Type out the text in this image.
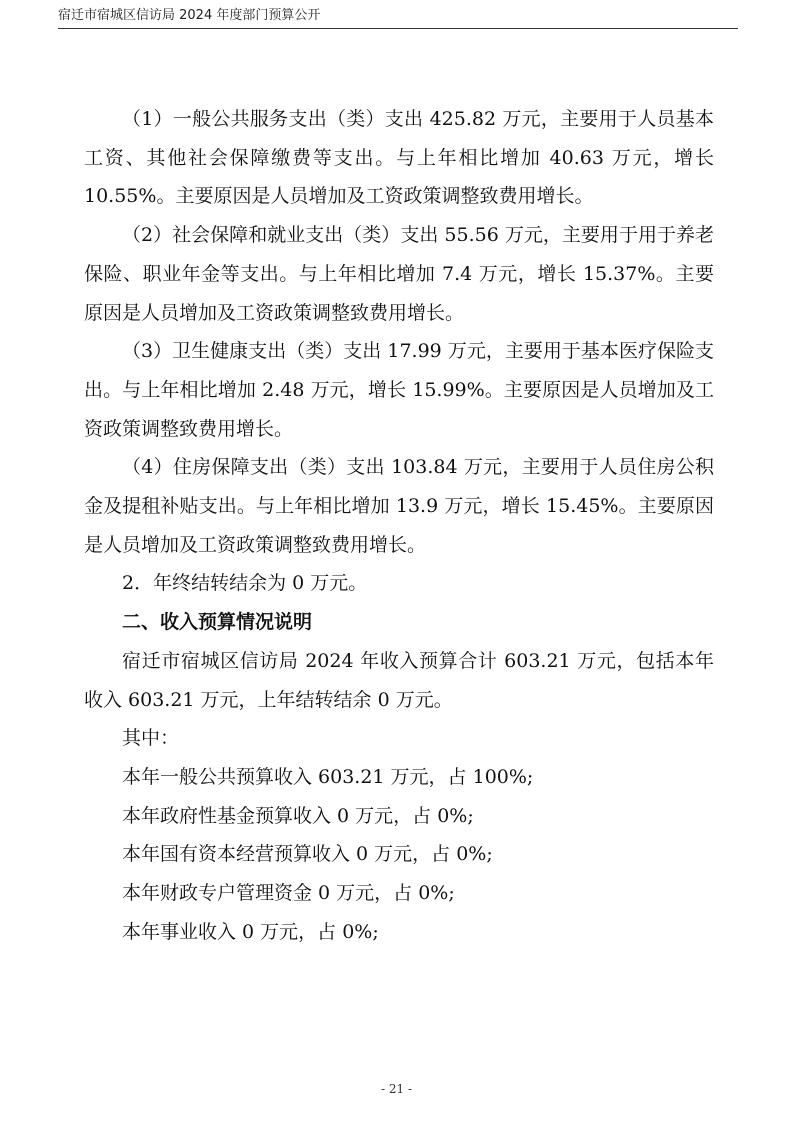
宿迁市宿城区信访局 2024 年度部门预算公开

（1）一般公共服务支出（类）支出 425.82 万元，主要用于人员基本工资、其他社会保障缴费等支出。与上年相比增加 40.63 万元，增长 10.55%。主要原因是人员增加及工资政策调整致费用增长。

（2）社会保障和就业支出（类）支出 55.56 万元，主要用于用于养老保险、职业年金等支出。与上年相比增加 7.4 万元，增长 15.37%。主要原因是人员增加及工资政策调整致费用增长。

（3）卫生健康支出（类）支出 17.99 万元，主要用于基本医疗保险支出。与上年相比增加 2.48 万元，增长 15.99%。主要原因是人员增加及工资政策调整致费用增长。

（4）住房保障支出（类）支出 103.84 万元，主要用于人员住房公积金及提租补贴支出。与上年相比增加 13.9 万元，增长 15.45%。主要原因是人员增加及工资政策调整致费用增长。

2．年终结转结余为 0 万元。

二、收入预算情况说明

宿迁市宿城区信访局 2024 年收入预算合计 603.21 万元，包括本年收入 603.21 万元，上年结转结余 0 万元。

其中：

本年一般公共预算收入 603.21 万元，占 100%;

本年政府性基金预算收入 0 万元，占 0%;

本年国有资本经营预算收入 0 万元，占 0%;

本年财政专户管理资金 0 万元，占 0%;

本年事业收入 0 万元，占 0%;

- 21 -
